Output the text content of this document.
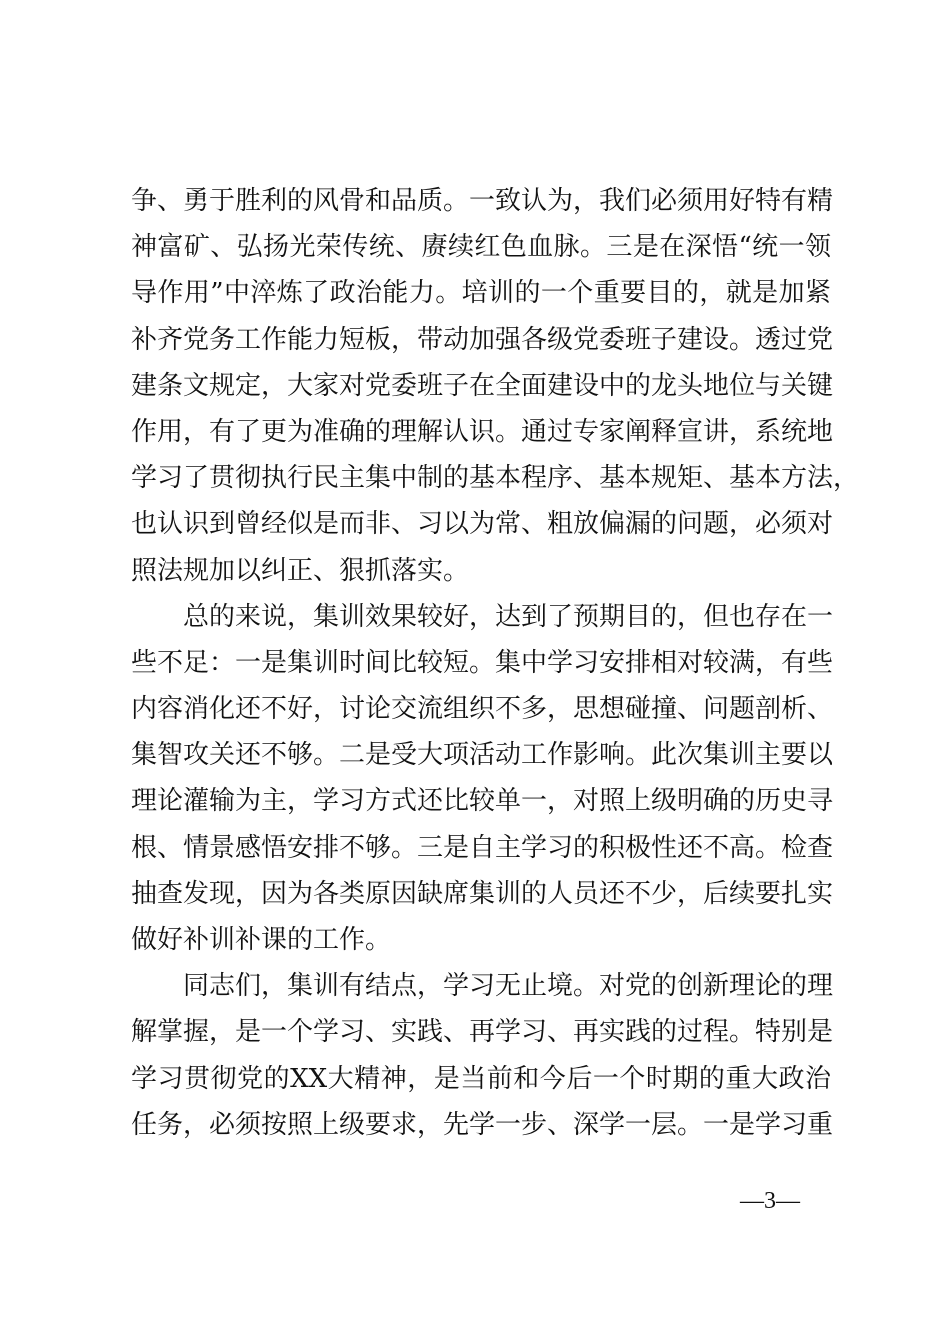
争、勇于胜利的风骨和品质。一致认为，我们必须用好特有精
神富矿、弘扬光荣传统、赓续红色血脉。三是在深悟“统一领
导作用”中淬炼了政治能力。培训的一个重要目的，就是加紧
补齐党务工作能力短板，带动加强各级党委班子建设。透过党
建条文规定，大家对党委班子在全面建设中的龙头地位与关键
作用，有了更为准确的理解认识。通过专家阐释宣讲，系统地
学习了贯彻执行民主集中制的基本程序、基本规矩、基本方法，
也认识到曾经似是而非、习以为常、粗放偏漏的问题，必须对
照法规加以纠正、狠抓落实。
总的来说，集训效果较好，达到了预期目的，但也存在一
些不足：一是集训时间比较短。集中学习安排相对较满，有些
内容消化还不好，讨论交流组织不多，思想碰撞、问题剖析、
集智攻关还不够。二是受大项活动工作影响。此次集训主要以
理论灌输为主，学习方式还比较单一，对照上级明确的历史寻
根、情景感悟安排不够。三是自主学习的积极性还不高。检查
抽查发现，因为各类原因缺席集训的人员还不少，后续要扎实
做好补训补课的工作。
同志们，集训有结点，学习无止境。对党的创新理论的理
解掌握，是一个学习、实践、再学习、再实践的过程。特别是
学习贯彻党的XX大精神，是当前和今后一个时期的重大政治
任务，必须按照上级要求，先学一步、深学一层。一是学习重
—3—
